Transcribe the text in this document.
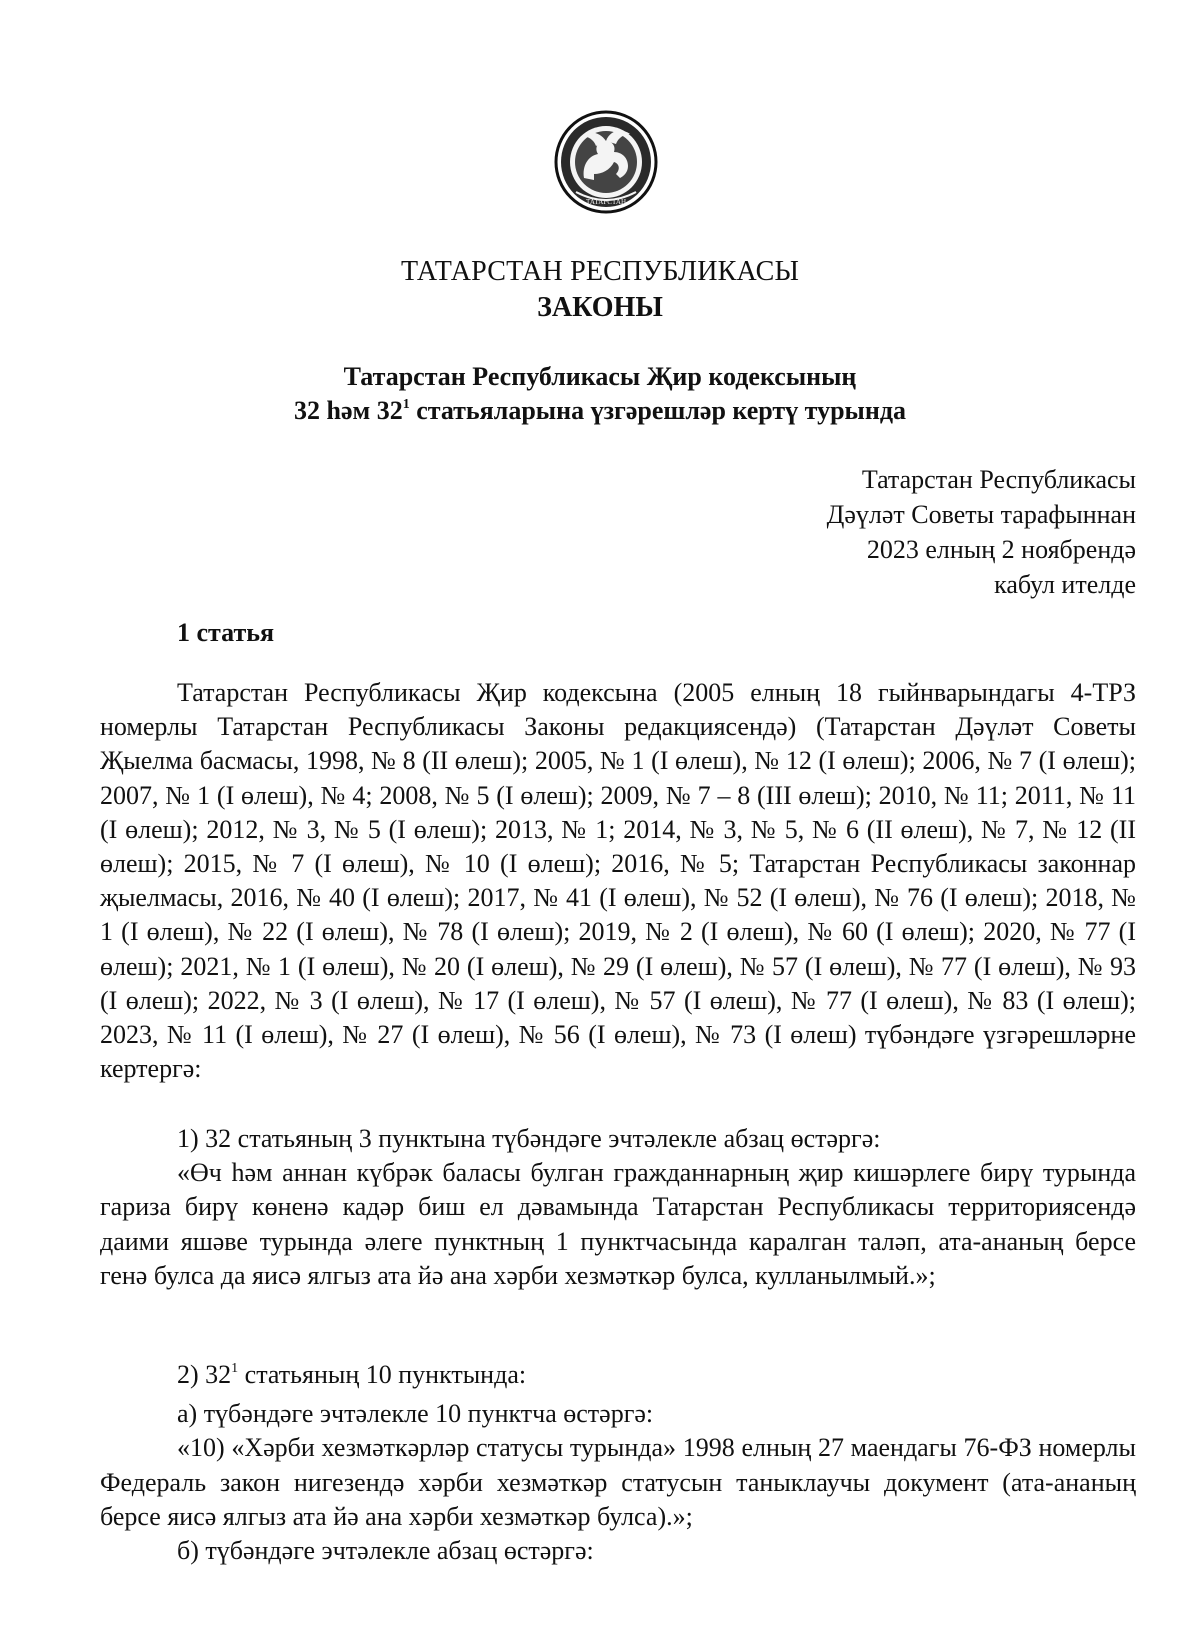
ТАТАРСТАН
ТАТАРСТАН РЕСПУБЛИКАСЫ
ЗАКОНЫ
Татарстан Республикасы Җир кодексының
32 һәм $32^1$ статьяларына үзгәрешләр кертү турында
Татарстан Республикасы
Дәүләт Советы тарафыннан
2023 елның 2 ноябрендә
кабул ителде
1 статья

Татарстан Республикасы Җир кодексына (2005 елның 18 гыйнварындагы 4-ТРЗ номерлы Татарстан Республикасы Законы редакциясендә) (Татарстан Дәүләт Советы Җыелма басмасы, 1998, № 8 (II өлеш); 2005, № 1 (I өлеш), № 12 (I өлеш); 2006, № 7 (I өлеш); 2007, № 1 (I өлеш), № 4; 2008, № 5 (I өлеш); 2009, № 7 – 8 (III өлеш); 2010, № 11; 2011, № 11 (I өлеш); 2012, № 3, № 5 (I өлеш); 2013, № 1; 2014, № 3, № 5, № 6 (II өлеш), № 7, № 12 (II өлеш); 2015, № 7 (I өлеш), № 10 (I өлеш); 2016, № 5; Татарстан Республикасы законнар җыелмасы, 2016, № 40 (I өлеш); 2017, № 41 (I өлеш), № 52 (I өлеш), № 76 (I өлеш); 2018, № 1 (I өлеш), № 22 (I өлеш), № 78 (I өлеш); 2019, № 2 (I өлеш), № 60 (I өлеш); 2020, № 77 (I өлеш); 2021, № 1 (I өлеш), № 20 (I өлеш), № 29 (I өлеш), № 57 (I өлеш), № 77 (I өлеш), № 93 (I өлеш); 2022, № 3 (I өлеш), № 17 (I өлеш), № 57 (I өлеш), № 77 (I өлеш), № 83 (I өлеш); 2023, № 11 (I өлеш), № 27 (I өлеш), № 56 (I өлеш), № 73 (I өлеш) түбәндәге үзгәрешләрне кертергә:

1) 32 статьяның 3 пунктына түбәндәге эчтәлекле абзац өстәргә:

«Өч һәм аннан күбрәк баласы булган гражданнарның җир кишәрлеге бирү турында гариза бирү көненә кадәр биш ел дәвамында Татарстан Республикасы территориясендә даими яшәве турында әлеге пунктның 1 пунктчасында каралган таләп, ата-ананың берсе генә булса да яисә ялгыз ата йә ана хәрби хезмәткәр булса, кулланылмый.»;

2) $32^1$ статьяның 10 пунктында:

а) түбәндәге эчтәлекле 10 пунктча өстәргә:

«10) «Хәрби хезмәткәрләр статусы турында» 1998 елның 27 маендагы 76-ФЗ номерлы Федераль закон нигезендә хәрби хезмәткәр статусын таныклаучы документ (ата-ананың берсе яисә ялгыз ата йә ана хәрби хезмәткәр булса).»;

б) түбәндәге эчтәлекле абзац өстәргә:
